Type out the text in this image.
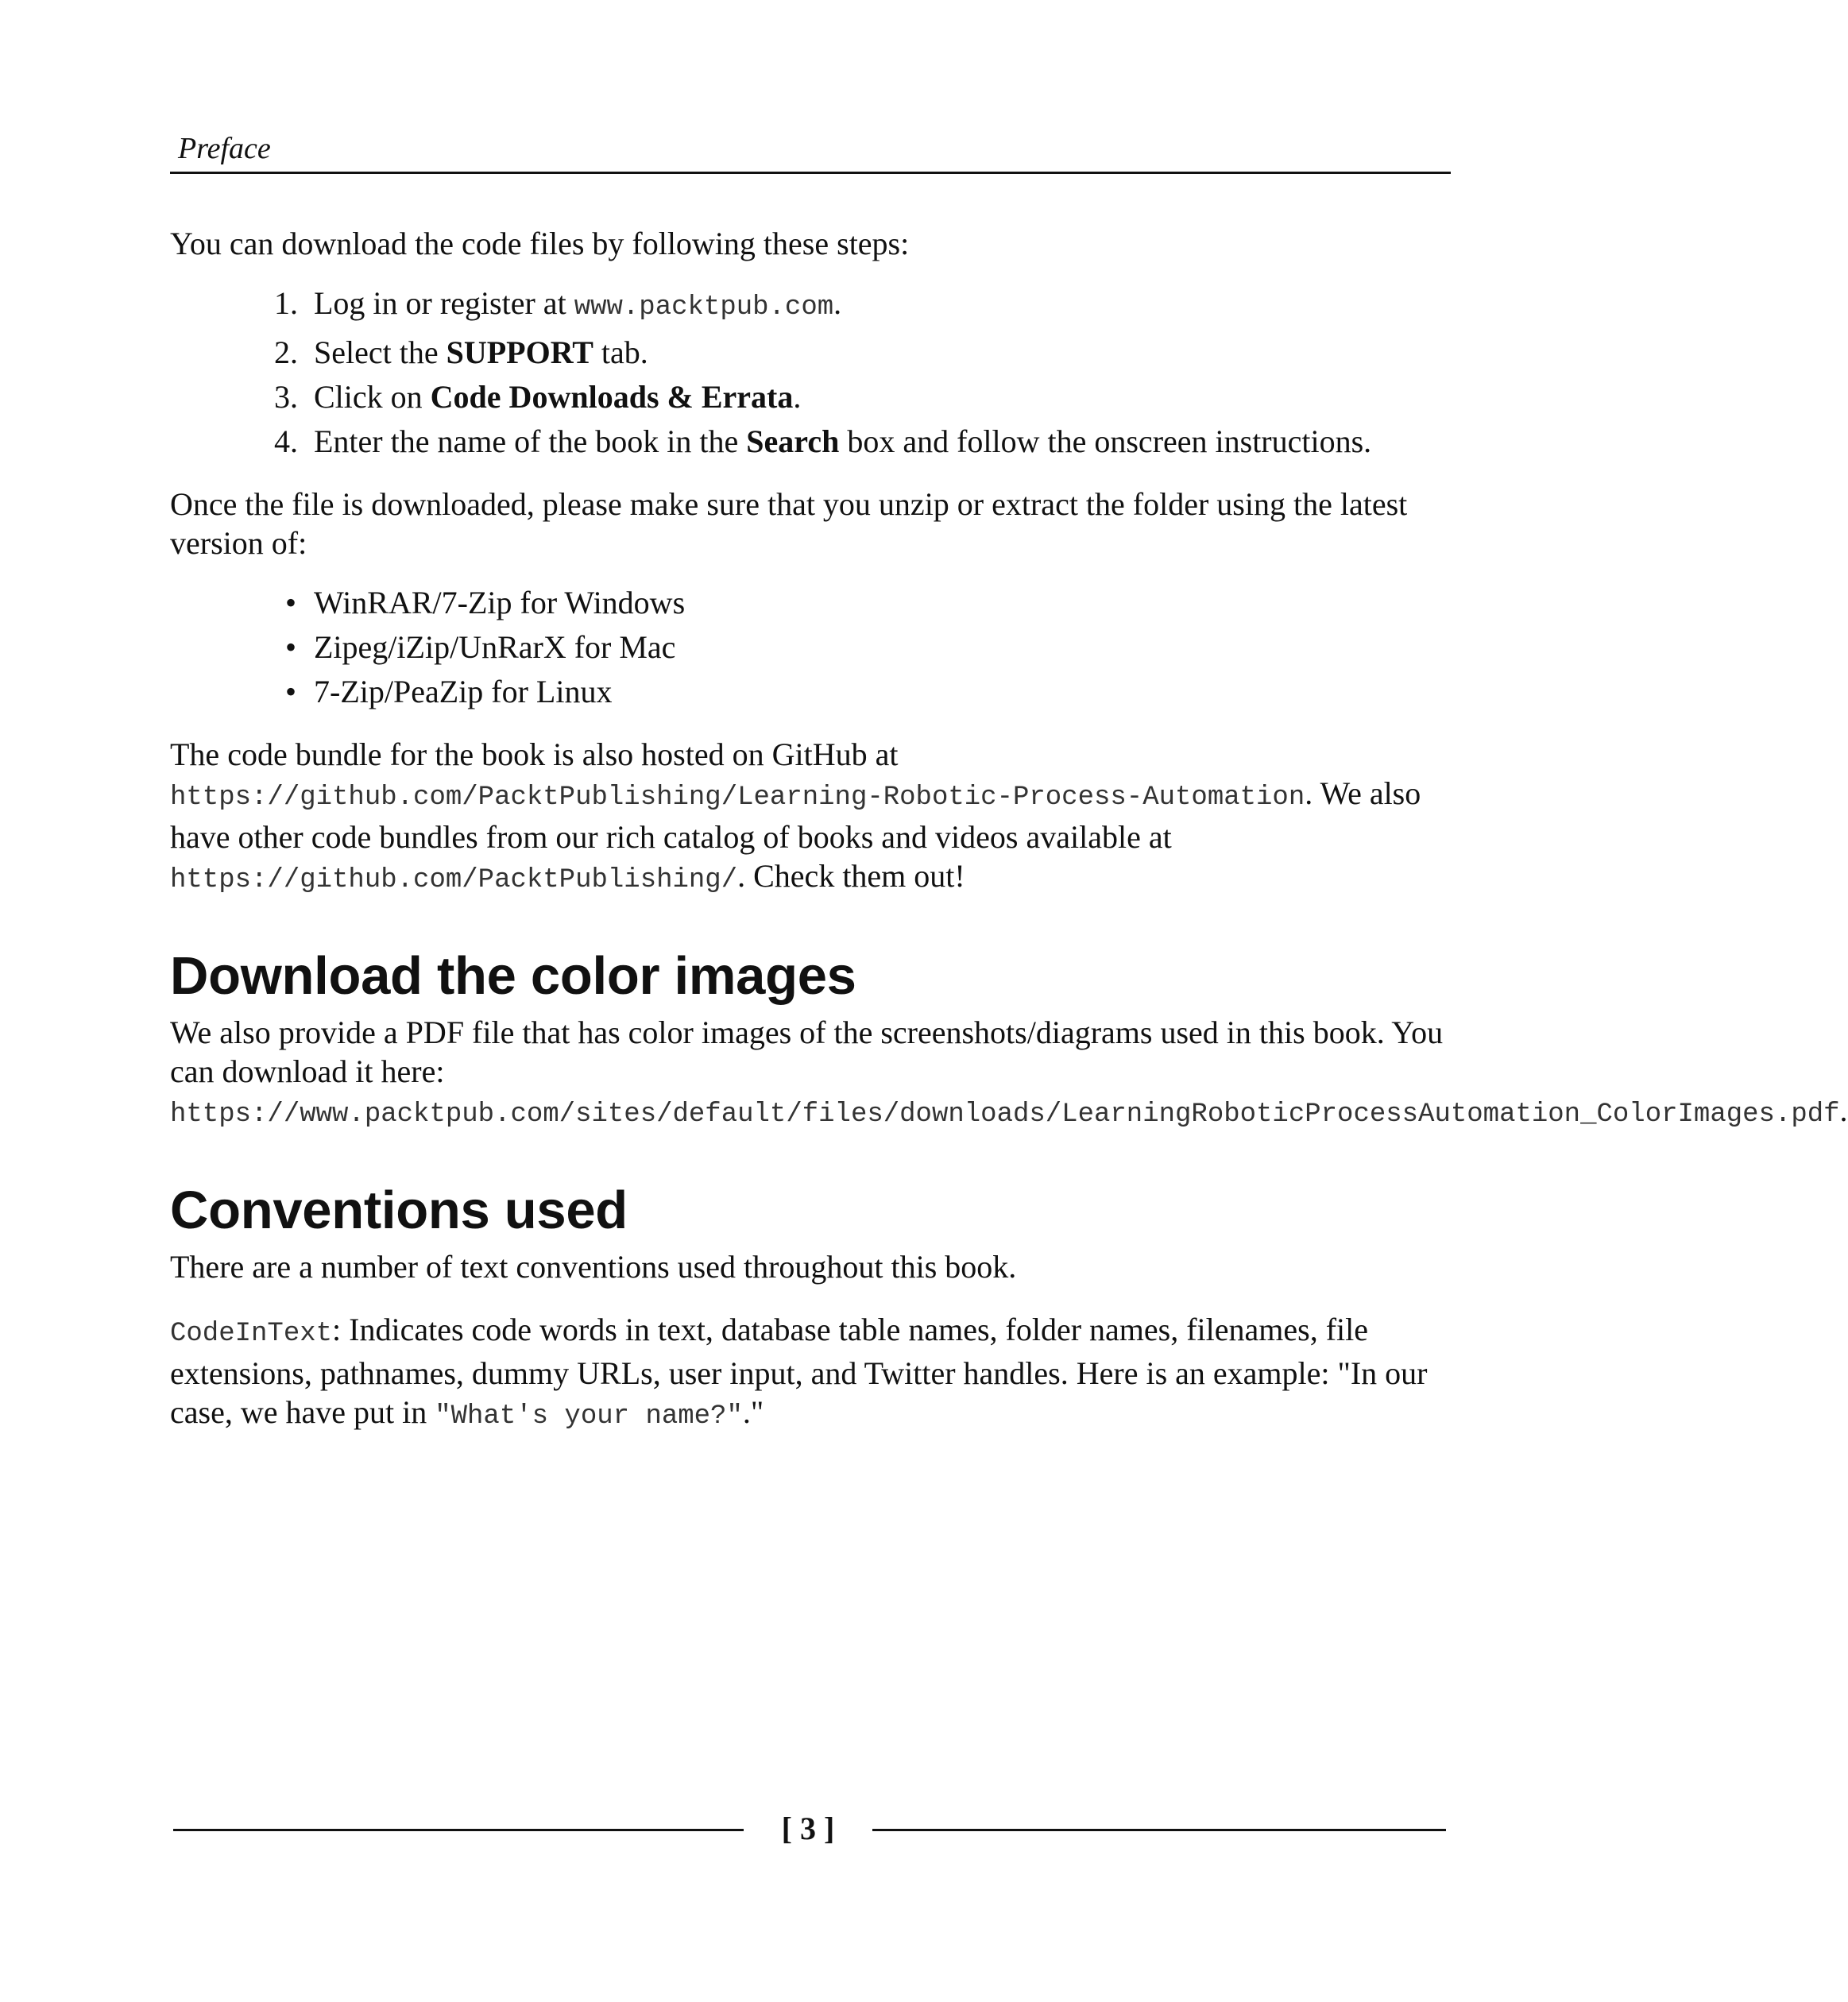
Preface

You can download the code files by following these steps:

1. Log in or register at www.packtpub.com.
2. Select the SUPPORT tab.
3. Click on Code Downloads & Errata.
4. Enter the name of the book in the Search box and follow the onscreen instructions.

Once the file is downloaded, please make sure that you unzip or extract the folder using the latest version of:

• WinRAR/7-Zip for Windows
• Zipeg/iZip/UnRarX for Mac
• 7-Zip/PeaZip for Linux

The code bundle for the book is also hosted on GitHub at https://github.com/PacktPublishing/Learning-Robotic-Process-Automation. We also have other code bundles from our rich catalog of books and videos available at https://github.com/PacktPublishing/. Check them out!

Download the color images

We also provide a PDF file that has color images of the screenshots/diagrams used in this book. You can download it here: https://www.packtpub.com/sites/default/files/downloads/LearningRoboticProcessAutomation_ColorImages.pdf.

Conventions used

There are a number of text conventions used throughout this book.

CodeInText: Indicates code words in text, database table names, folder names, filenames, file extensions, pathnames, dummy URLs, user input, and Twitter handles. Here is an example: "In our case, we have put in "What's your name?"."

[ 3 ]
